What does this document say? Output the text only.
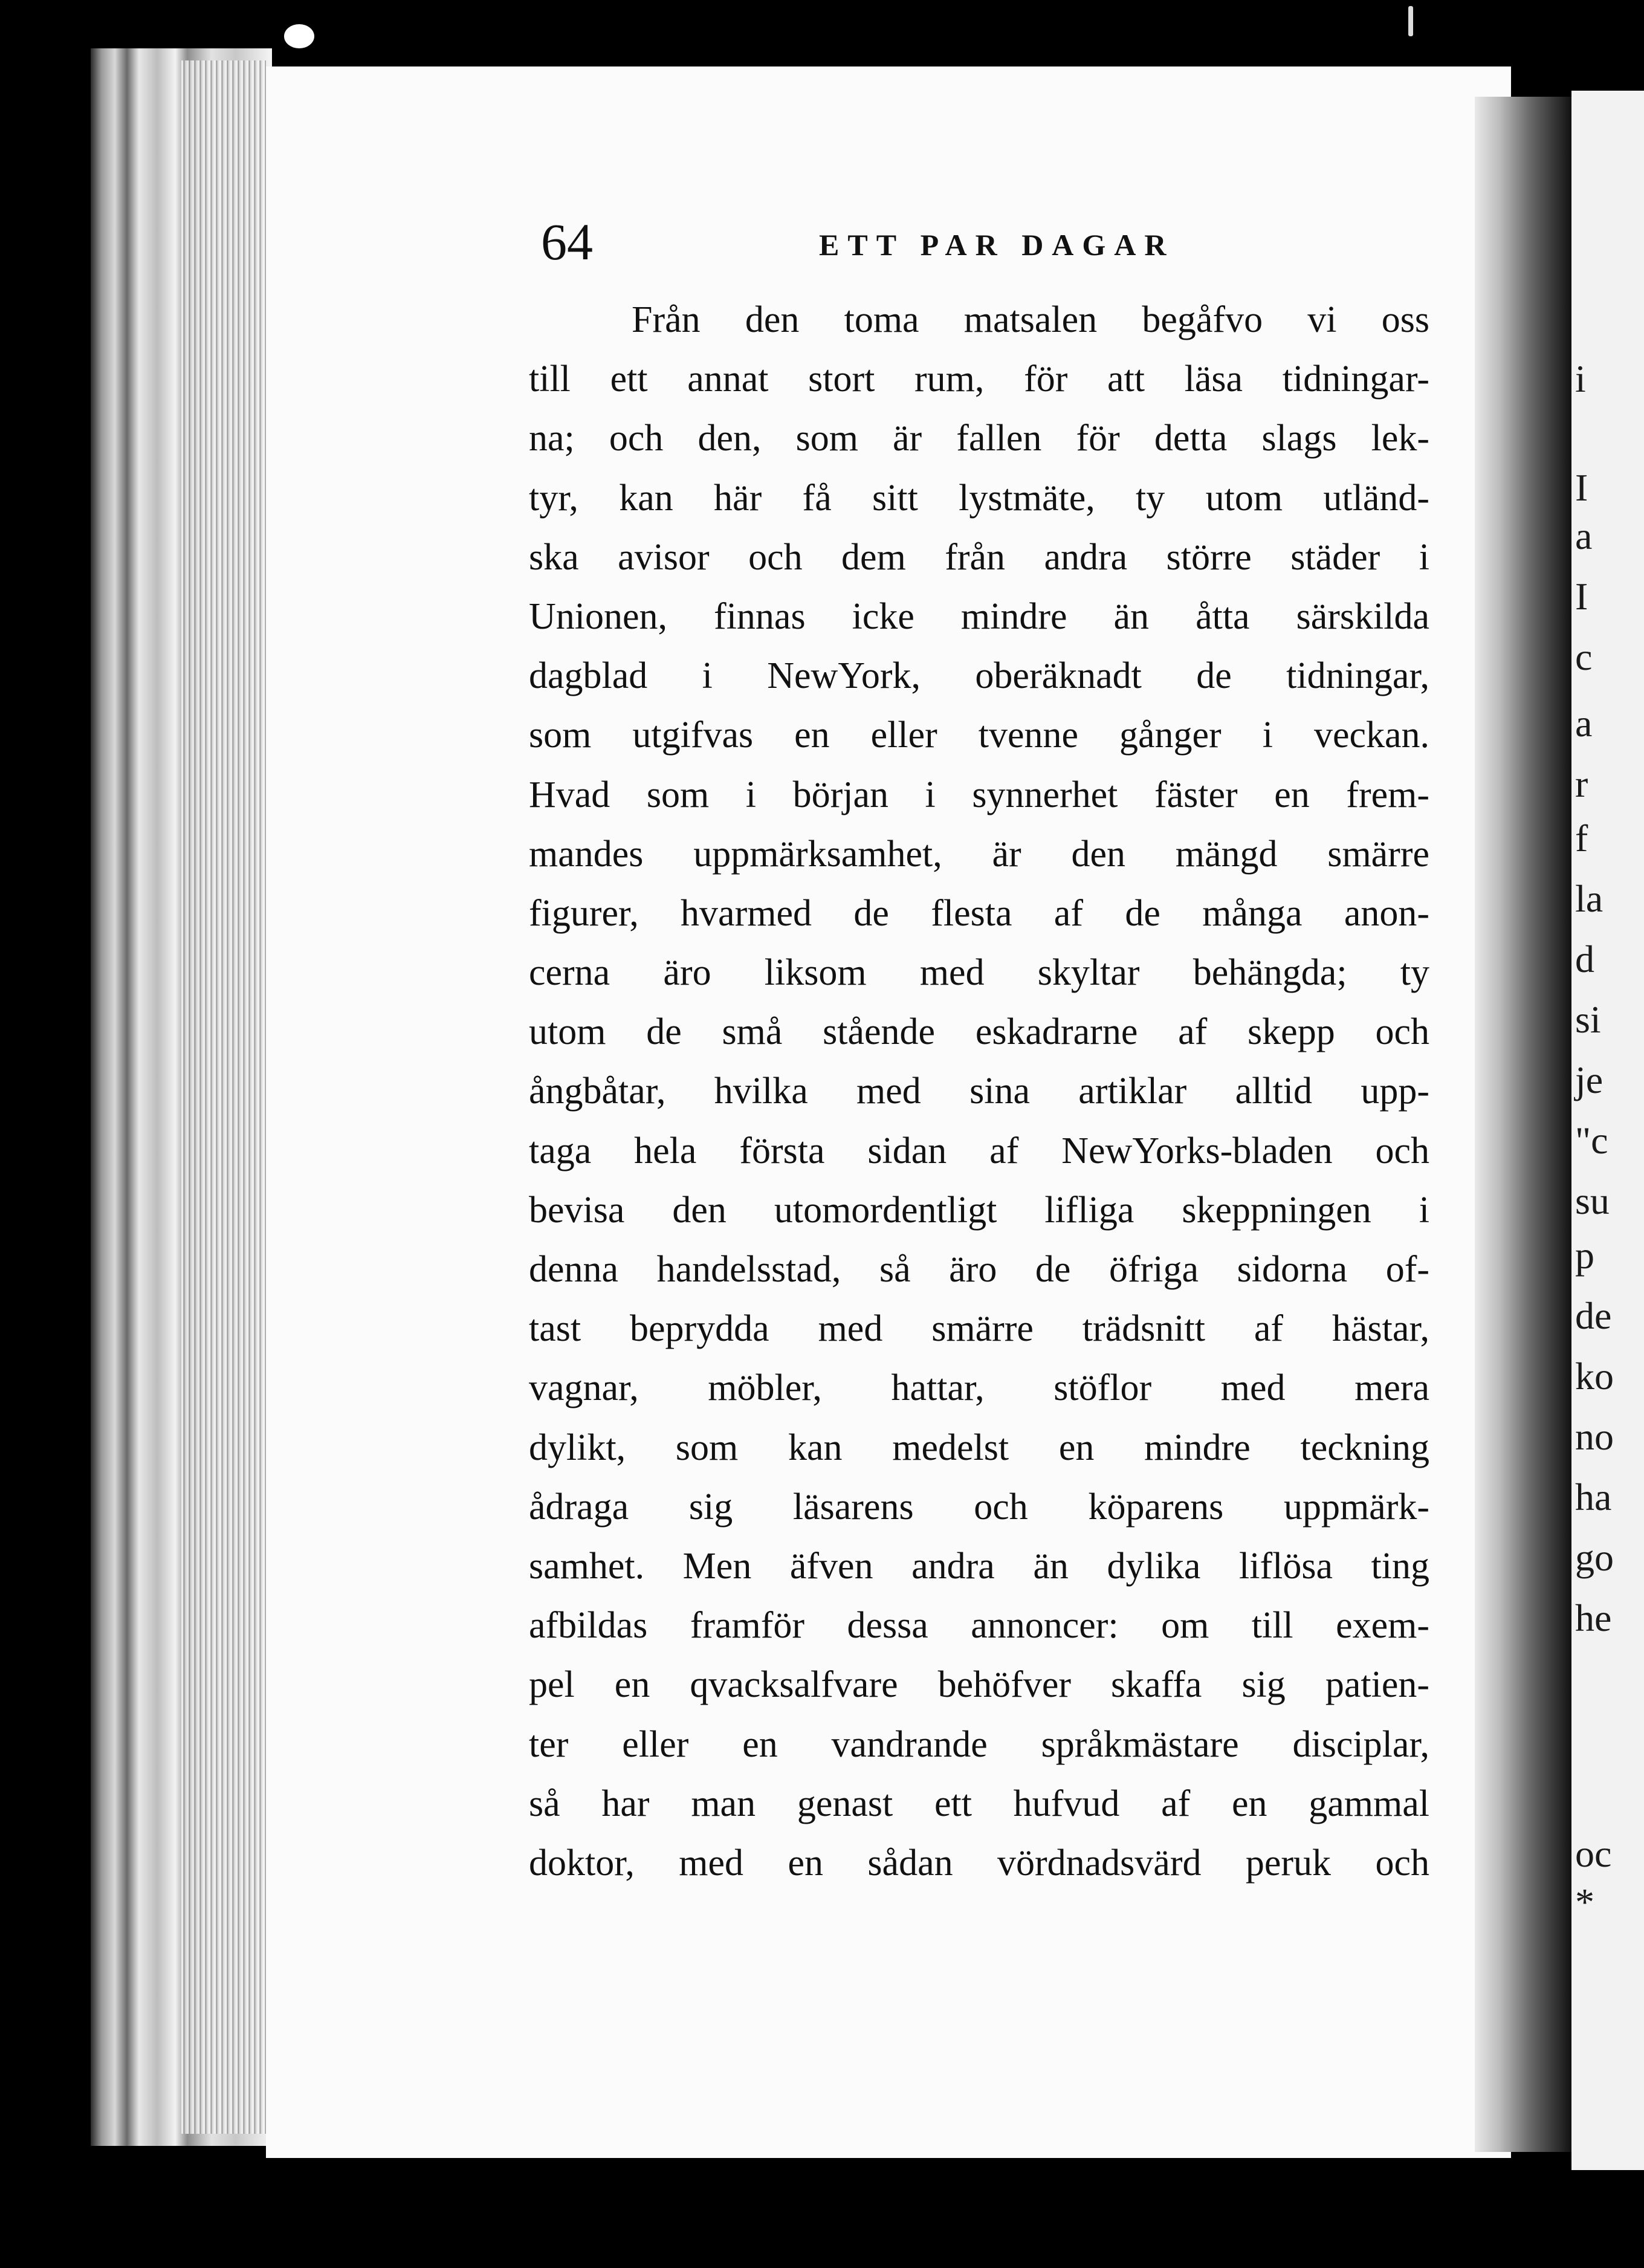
i
I
a
I
c
a
r
f
la
d
si
je
"c
su
p
de
ko
no
ha
go
he
oc
*
64	ETT PAR DAGAR
Från den toma matsalen begåfvo vi oss
till ett annat stort rum, för att läsa tidningar-
na; och den, som är fallen för detta slags lek-
tyr, kan här få sitt lystmäte, ty utom utländ-
ska avisor och dem från andra större städer i
Unionen, finnas icke mindre än åtta särskilda
dagblad i NewYork, oberäknadt de tidningar,
som utgifvas en eller tvenne gånger i veckan.
Hvad som i början i synnerhet fäster en frem-
mandes uppmärksamhet, är den mängd smärre
figurer, hvarmed de flesta af de många anon-
cerna äro liksom med skyltar behängda; ty
utom de små stående eskadrarne af skepp och
ångbåtar, hvilka med sina artiklar alltid upp-
taga hela första sidan af NewYorks-bladen och
bevisa den utomordentligt lifliga skeppningen i
denna handelsstad, så äro de öfriga sidorna of-
tast beprydda med smärre trädsnitt af hästar,
vagnar, möbler, hattar, stöflor med mera
dylikt, som kan medelst en mindre teckning
ådraga sig läsarens och köparens uppmärk-
samhet. Men äfven andra än dylika liflösa ting
afbildas framför dessa annoncer: om till exem-
pel en qvacksalfvare behöfver skaffa sig patien-
ter eller en vandrande språkmästare disciplar,
så har man genast ett hufvud af en gammal
doktor, med en sådan vördnadsvärd peruk och
